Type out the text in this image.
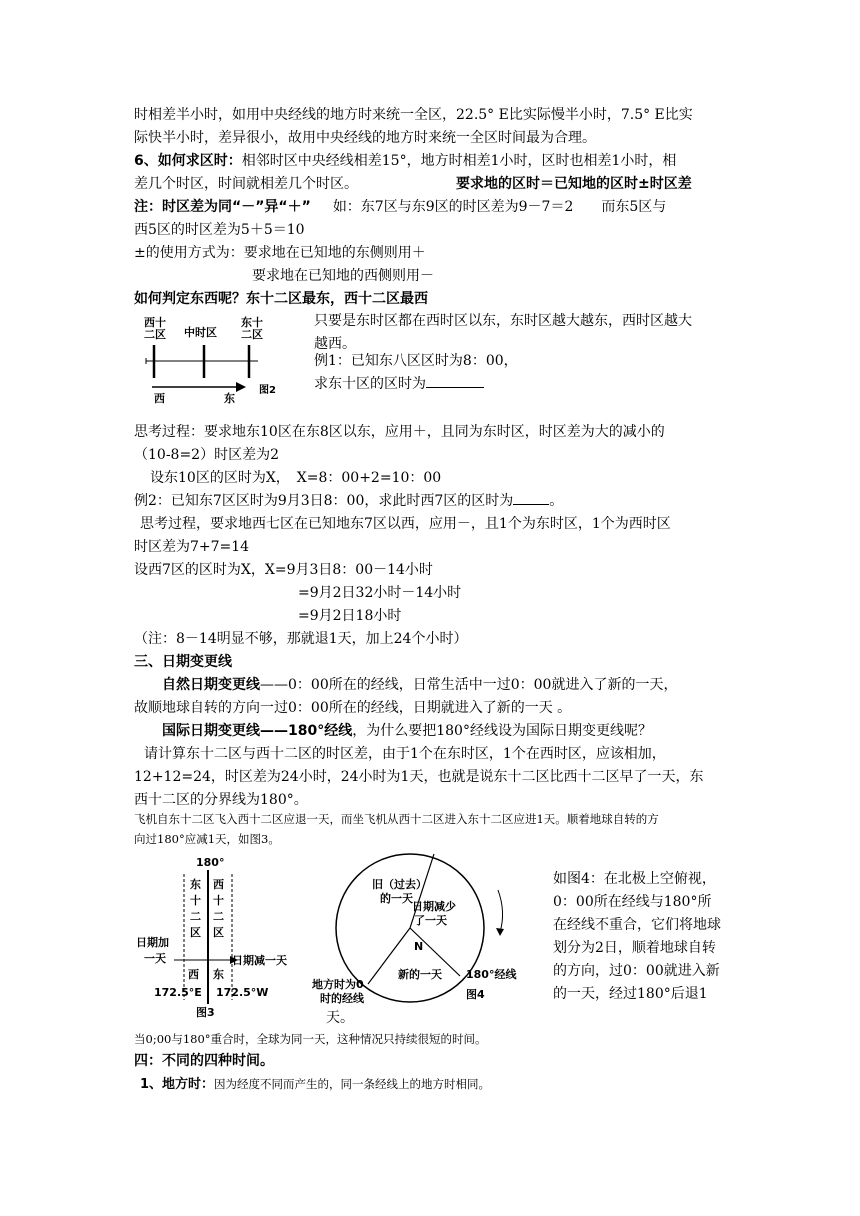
时相差半小时，如用中央经线的地方时来统一全区，22.5° E比实际慢半小时，7.5° E比实
际快半小时，差异很小，故用中央经线的地方时来统一全区时间最为合理。
6、如何求区时：相邻时区中央经线相差15°，地方时相差1小时，区时也相差1小时，相
差几个时区，时间就相差几个时区。	要求地的区时＝已知地的区时±时区差
注：时区差为同“－”异“＋” 如：东7区与东9区的时区差为9－7＝2　　而东5区与
西5区的时区差为5＋5＝10
±的使用方式为：要求地在已知地的东侧则用＋
要求地在已知地的西侧则用－
如何判定东西呢？东十二区最东，西十二区最西
西十
二区 中时区
东十
二区
西	东
图2
只要是东时区都在西时区以东，东时区越大越东，西时区越大
越西。
例1：已知东八区区时为8：00，
求东十区的区时为
思考过程：要求地东10区在东8区以东，应用＋，且同为东时区，时区差为大的减小的
（10-8=2）时区差为2
设东10区的区时为X，　X=8：00+2=10：00
例2：已知东7区区时为9月3日8：00，求此时西7区的区时为	。
思考过程，要求地西七区在已知地东7区以西，应用－，且1个为东时区，1个为西时区
时区差为7+7=14
设西7区的区时为X，X=9月3日8：00－14小时
=9月2日32小时－14小时
=9月2日18小时
（注：8－14明显不够，那就退1天，加上24个小时）
三、日期变更线
自然日期变更线——0：00所在的经线，日常生活中一过0：00就进入了新的一天，
故顺地球自转的方向一过0：00所在的经线，日期就进入了新的一天 。
国际日期变更线——180°经线，为什么要把180°经线设为国际日期变更线呢？
请计算东十二区与西十二区的时区差，由于1个在东时区，1个在西时区，应该相加，
12+12=24，时区差为24小时，24小时为1天，也就是说东十二区比西十二区早了一天，东
西十二区的分界线为180°。
飞机自东十二区飞入西十二区应退一天，而坐飞机从西十二区进入东十二区应进1天。顺着地球自转的方
向过180°应减1天，如图3。
180°
东
十
二
区
西
十
二
区
日期加
一天	日期减一天
西 东
172.5°E 172.5°W
图3
旧（过去）
的一天
日期减少
了一天
N
新的一天 180°经线
地方时为0
时的经线	图4
如图4：在北极上空俯视，
0：00所在经线与180°所
在经线不重合，它们将地球
划分为2日，顺着地球自转
的方向，过0：00就进入新
的一天，经过180°后退1
天。
当0;00与180°重合时，全球为同一天，这种情况只持续很短的时间。
四：不同的四种时间。
1、地方时：因为经度不同而产生的，同一条经线上的地方时相同。
